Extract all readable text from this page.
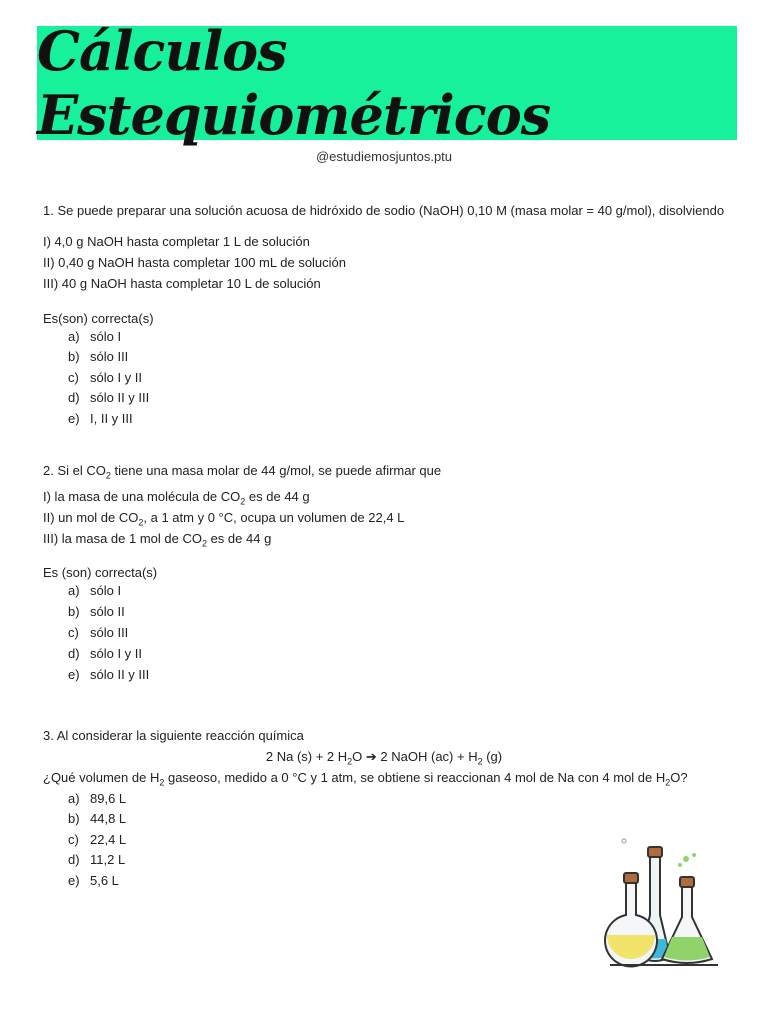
Cálculos Estequiométricos
@estudiemosjuntos.ptu
1. Se puede preparar una solución acuosa de hidróxido de sodio (NaOH) 0,10 M (masa molar = 40 g/mol), disolviendo
I) 4,0 g NaOH hasta completar 1 L de solución
II) 0,40 g NaOH hasta completar 100 mL de solución
III) 40 g NaOH hasta completar 10 L de solución
Es(son) correcta(s)
a) sólo I
b) sólo III
c) sólo I y II
d) sólo II y III
e) I, II y III
2. Si el $CO_2$ tiene una masa molar de 44 g/mol, se puede afirmar que
I) la masa de una molécula de $CO_2$ es de 44 g
II) un mol de $CO_2$, a 1 atm y 0 °C, ocupa un volumen de 22,4 L
III) la masa de 1 mol de $CO_2$ es de 44 g
Es (son) correcta(s)
a) sólo I
b) sólo II
c) sólo III
d) sólo I y II
e) sólo II y III
3. Al considerar la siguiente reacción química
2 Na (s) + 2 $H_2O$ ➔ 2 NaOH $(ac) + H_2$ (g)
¿Qué volumen de $H_2$ gaseoso, medido a 0 °C y 1 atm, se obtiene si reaccionan 4 mol de Na con 4 mol de $H_2O$?
a) 89,6 L
b) 44,8 L
c) 22,4 L
d) 11,2 L
e) 5,6 L
